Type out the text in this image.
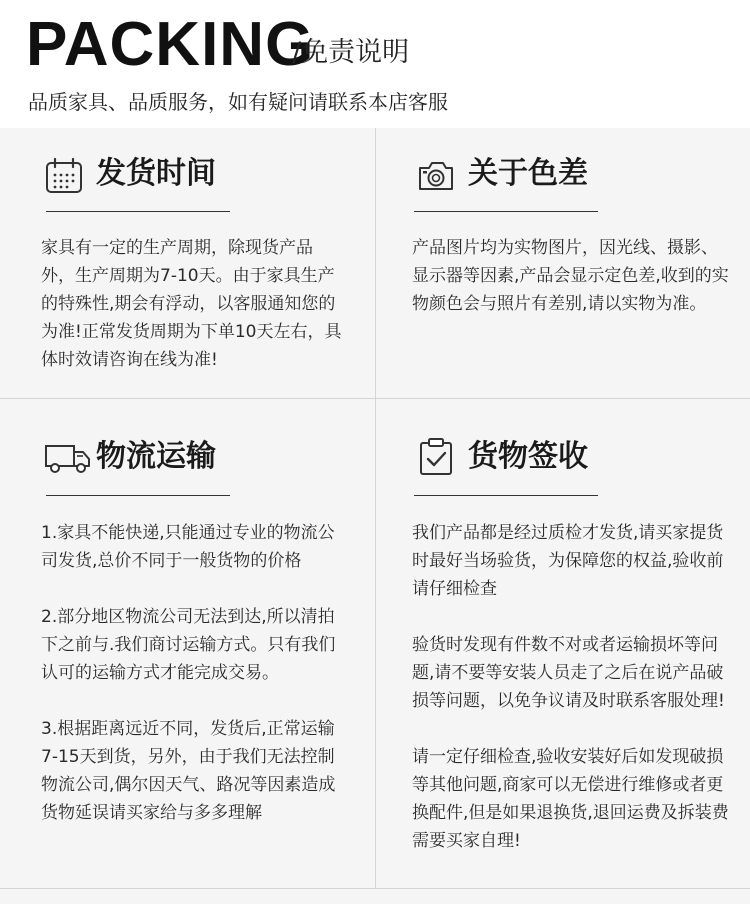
PACKING
/免责说明
品质家具、品质服务，如有疑问请联系本店客服
发货时间
家具有一定的生产周期，除现货产品外，生产周期为7-10天。由于家具生产的特殊性,期会有浮动，以客服通知您的为准!正常发货周期为下单10天左右，具体时效请咨询在线为准!
关于色差
产品图片均为实物图片，因光线、摄影、显示器等因素,产品会显示定色差,收到的实物颜色会与照片有差别,请以实物为准。
物流运输

1.家具不能快递,只能通过专业的物流公司发货,总价不同于一般货物的价格

2.部分地区物流公司无法到达,所以清拍下之前与.我们商讨运输方式。只有我们认可的运输方式才能完成交易。

3.根据距离远近不同，发货后,正常运输7-15天到货，另外，由于我们无法控制物流公司,偶尔因天气、路况等因素造成货物延误请买家给与多多理解

货物签收

我们产品都是经过质检才发货,请买家提货时最好当场验货，为保障您的权益,验收前请仔细检查

验货时发现有件数不对或者运输损坏等问题,请不要等安装人员走了之后在说产品破损等问题，以免争议请及时联系客服处理!

请一定仔细检查,验收安装好后如发现破损等其他问题,商家可以无偿进行维修或者更换配件,但是如果退换货,退回运费及拆装费需要买家自理!
